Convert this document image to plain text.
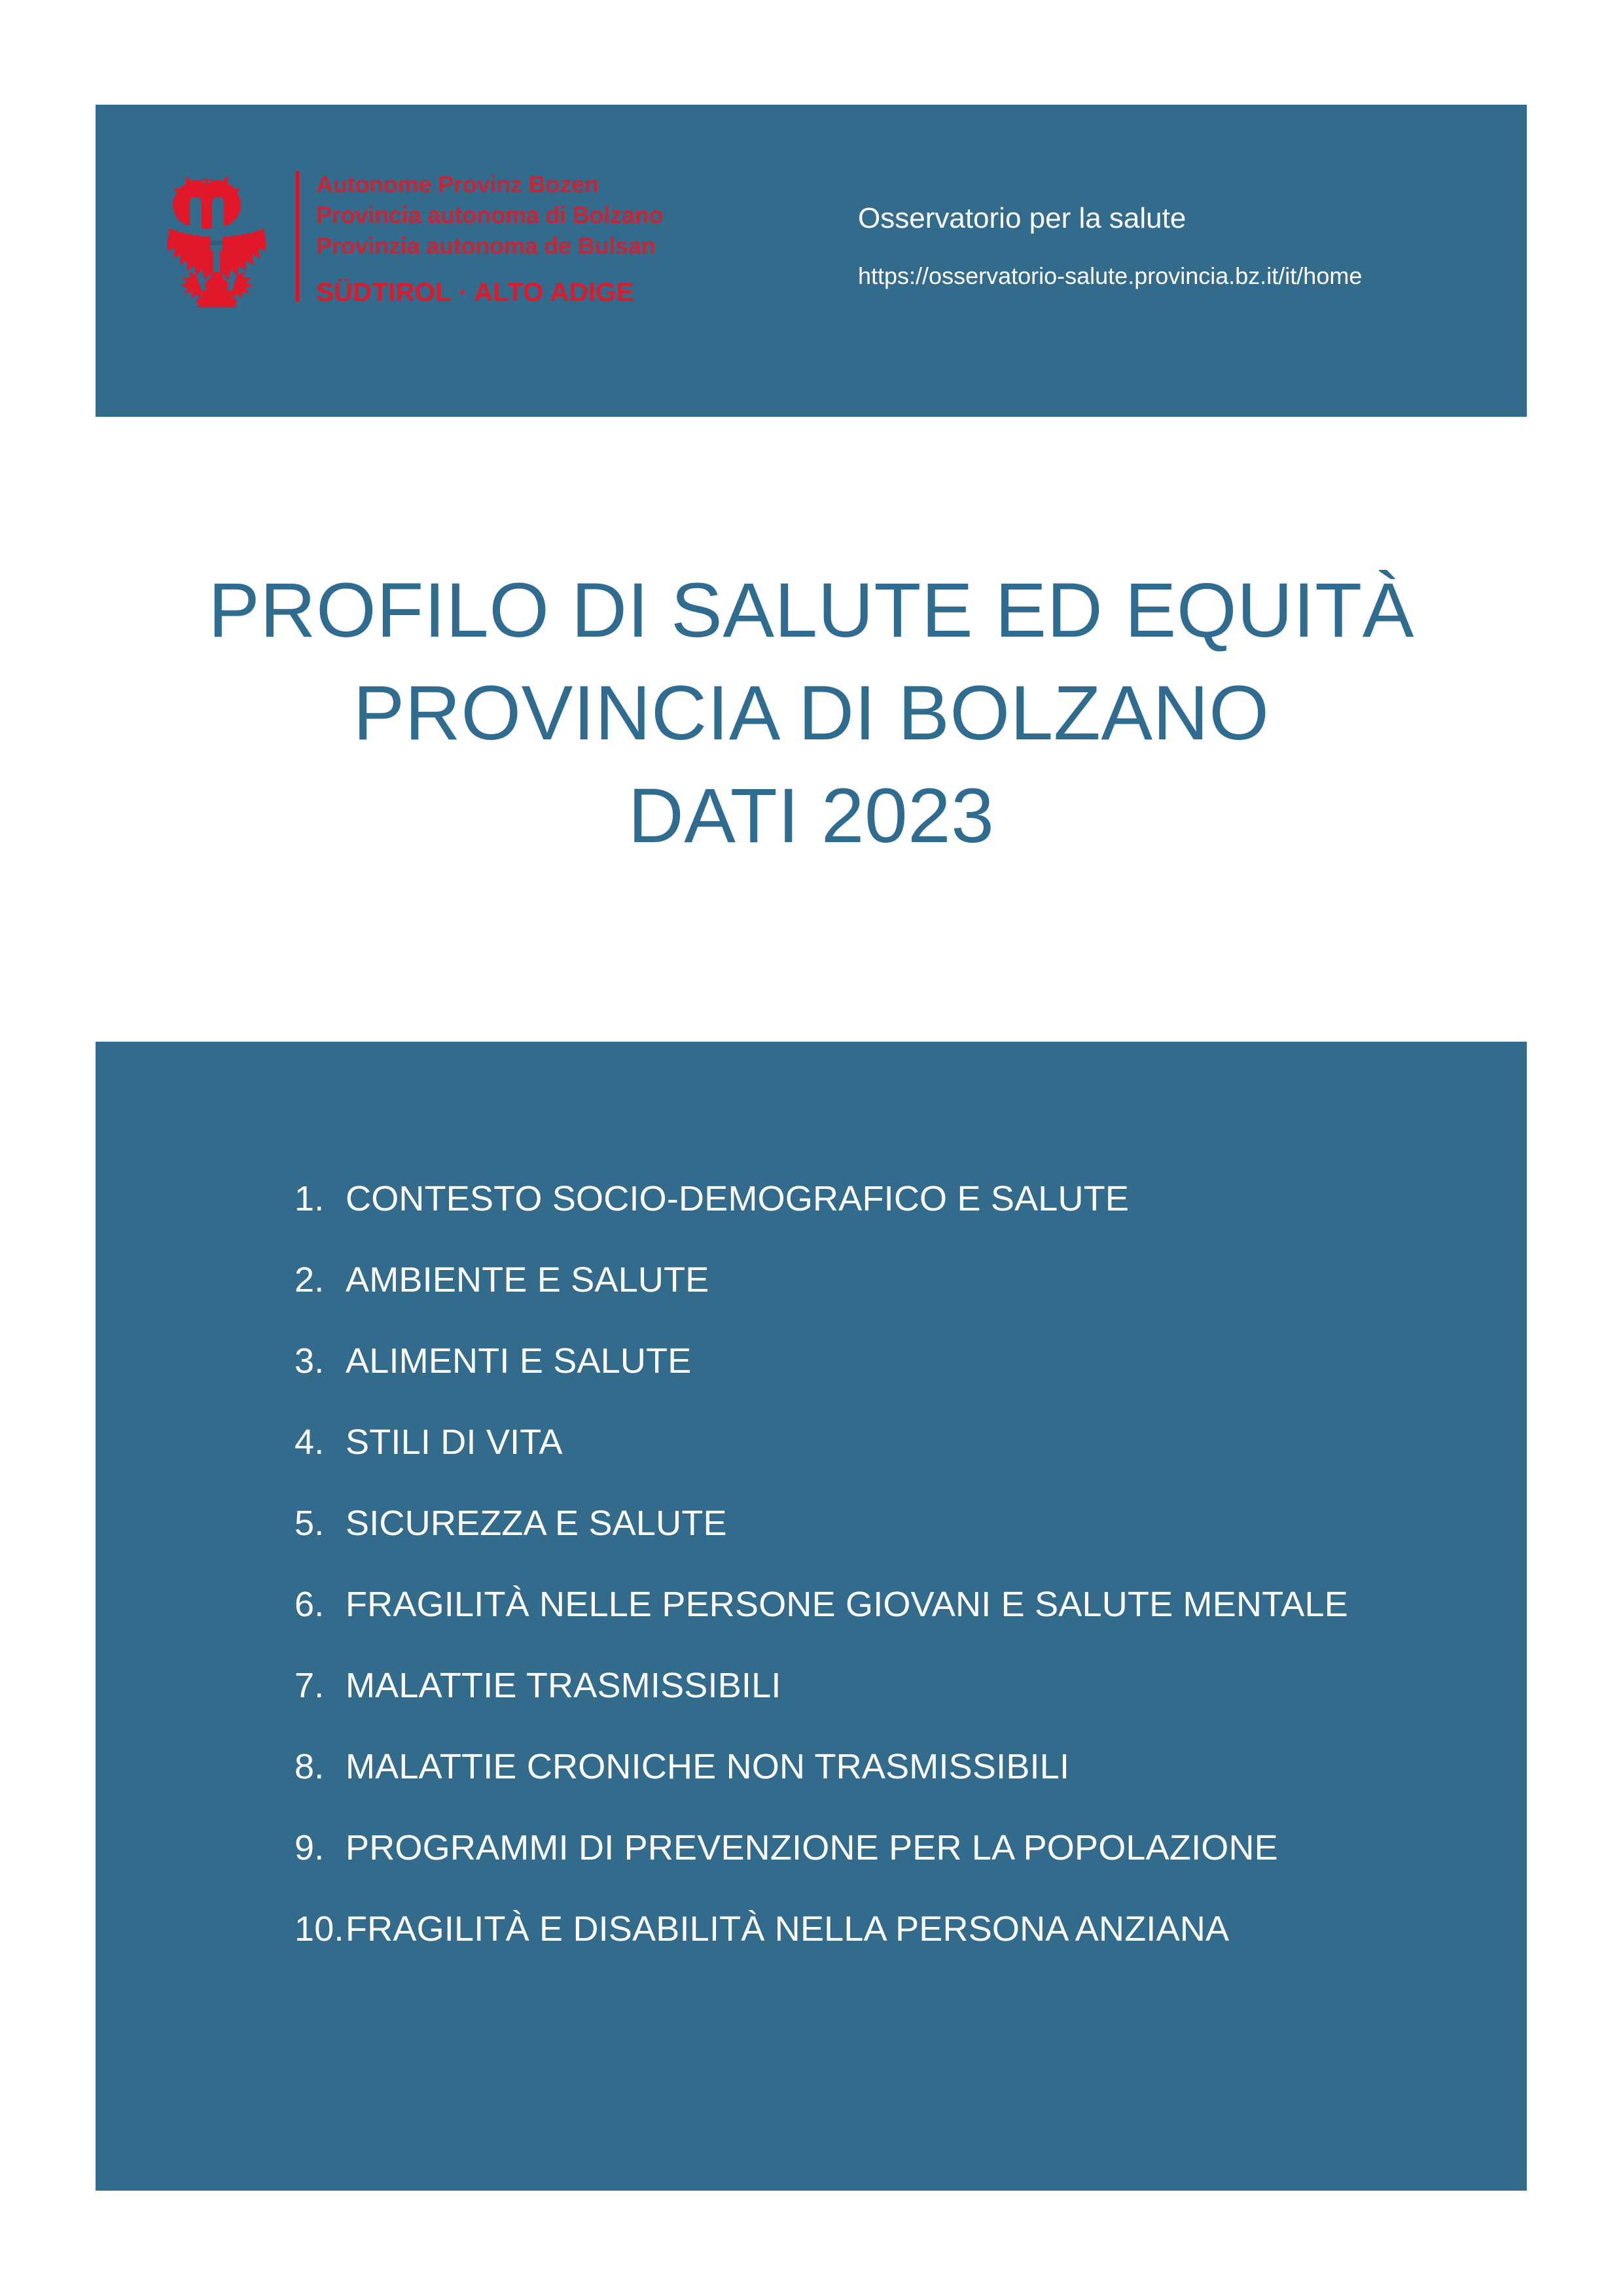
Autonome Provinz Bozen
Provincia autonoma di Bolzano
Provinzia autonoma de Bulsan
SÜDTIROL · ALTO ADIGE
Osservatorio per la salute
https://osservatorio-salute.provincia.bz.it/it/home
PROFILO DI SALUTE ED EQUITÀ
PROVINCIA DI BOLZANO
DATI 2023
1. CONTESTO SOCIO-DEMOGRAFICO E SALUTE
2. AMBIENTE E SALUTE
3. ALIMENTI E SALUTE
4. STILI DI VITA
5. SICUREZZA E SALUTE
6. FRAGILITÀ NELLE PERSONE GIOVANI E SALUTE MENTALE
7. MALATTIE TRASMISSIBILI
8. MALATTIE CRONICHE NON TRASMISSIBILI
9. PROGRAMMI DI PREVENZIONE PER LA POPOLAZIONE
10. FRAGILITÀ E DISABILITÀ NELLA PERSONA ANZIANA
